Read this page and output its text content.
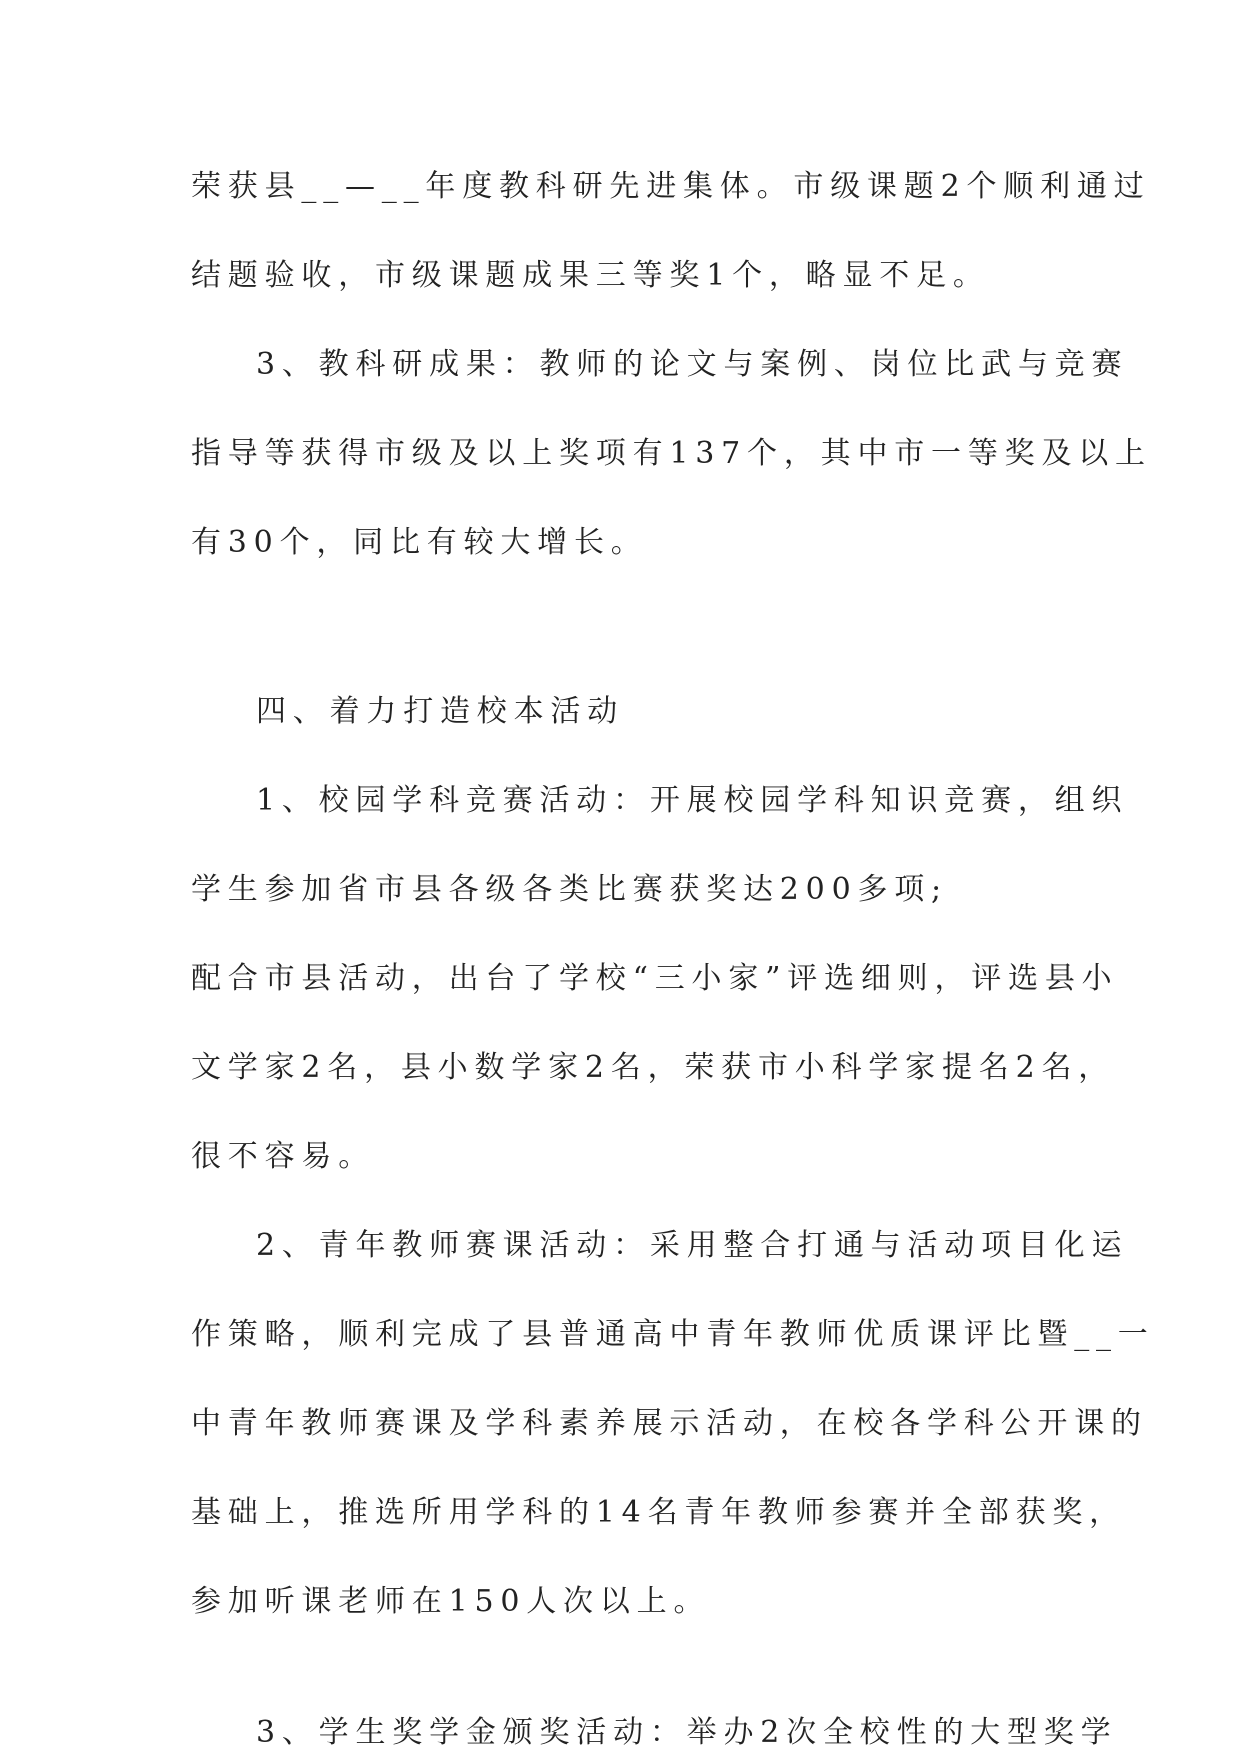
荣获县__—__年度教科研先进集体。市级课题2个顺利通过
结题验收，市级课题成果三等奖1个，略显不足。
3、教科研成果：教师的论文与案例、岗位比武与竞赛
指导等获得市级及以上奖项有137个，其中市一等奖及以上
有30个，同比有较大增长。
四、着力打造校本活动
1、校园学科竞赛活动：开展校园学科知识竞赛，组织
学生参加省市县各级各类比赛获奖达200多项;
配合市县活动，出台了学校“三小家”评选细则，评选县小
文学家2名，县小数学家2名，荣获市小科学家提名2名，
很不容易。
2、青年教师赛课活动：采用整合打通与活动项目化运
作策略，顺利完成了县普通高中青年教师优质课评比暨__一
中青年教师赛课及学科素养展示活动，在校各学科公开课的
基础上，推选所用学科的14名青年教师参赛并全部获奖，
参加听课老师在150人次以上。
3、学生奖学金颁奖活动：举办2次全校性的大型奖学
